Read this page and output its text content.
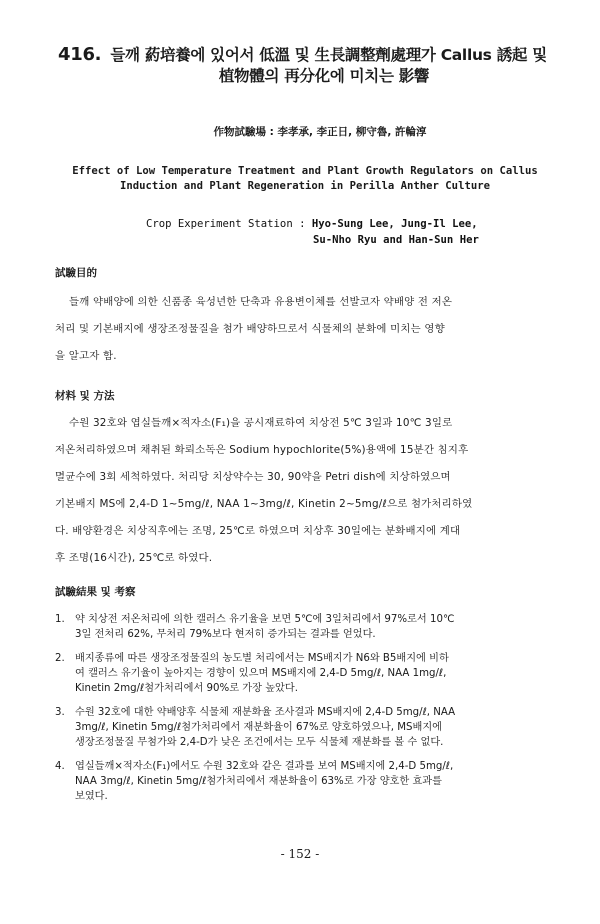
416. 들깨 葯培養에 있어서 低溫 및 生長調整劑處理가 Callus 誘起 및
植物體의 再分化에 미치는 影響
作物試驗場 : 李孝承, 李正日, 柳守魯, 許輪淳
Effect of Low Temperature Treatment and Plant Growth Regulators on Callus
Induction and Plant Regeneration in Perilla Anther Culture
Crop Experiment Station : Hyo-Sung Lee, Jung-Il Lee,
Su-Nho Ryu and Han-Sun Her
試驗目的
들깨 약배양에 의한 신품종 육성년한 단축과 유용변이체를 선발코자 약배양 전 저온
처리 및 기본배지에 생장조정물질을 첨가 배양하므로서 식물체의 분화에 미치는 영향
을 알고자 함.
材料 및 方法
수원 32호와 엽실들깨×적자소(F₁)을 공시재료하여 치상전 5℃ 3일과 10℃ 3일로
저온처리하였으며 채취된 화뢰소독은 Sodium hypochlorite(5%)용액에 15분간 침지후
멸균수에 3회 세척하였다. 처리당 치상약수는 30, 90약을 Petri dish에 치상하였으며
기본배지 MS에 2,4-D 1~5mg/ℓ, NAA 1~3mg/ℓ, Kinetin 2~5mg/ℓ으로 첨가처리하였
다. 배양환경은 치상직후에는 조명, 25℃로 하였으며 치상후 30일에는 분화배지에 계대
후 조명(16시간), 25℃로 하였다.
試驗結果 및 考察
1. 약 치상전 저온처리에 의한 캘러스 유기율을 보면 5℃에 3일처리에서 97%로서 10℃
3일 전처리 62%, 무처리 79%보다 현저히 증가되는 결과를 얻었다.
2. 배지종류에 따른 생장조정물질의 농도별 처리에서는 MS배지가 N6와 B5배지에 비하
여 캘러스 유기율이 높아지는 경향이 있으며 MS배지에 2,4-D 5mg/ℓ, NAA 1mg/ℓ,
Kinetin 2mg/ℓ첨가처리에서 90%로 가장 높았다.
3. 수원 32호에 대한 약배양후 식물체 재분화율 조사결과 MS배지에 2,4-D 5mg/ℓ, NAA
3mg/ℓ, Kinetin 5mg/ℓ첨가처리에서 재분화율이 67%로 양호하였으나, MS배지에
생장조정물질 무첨가와 2,4-D가 낮은 조건에서는 모두 식물체 재분화를 볼 수 없다.
4. 엽실들깨×적자소(F₁)에서도 수원 32호와 같은 결과를 보여 MS배지에 2,4-D 5mg/ℓ,
NAA 3mg/ℓ, Kinetin 5mg/ℓ첨가처리에서 재분화율이 63%로 가장 양호한 효과를
보였다.
- 152 -
